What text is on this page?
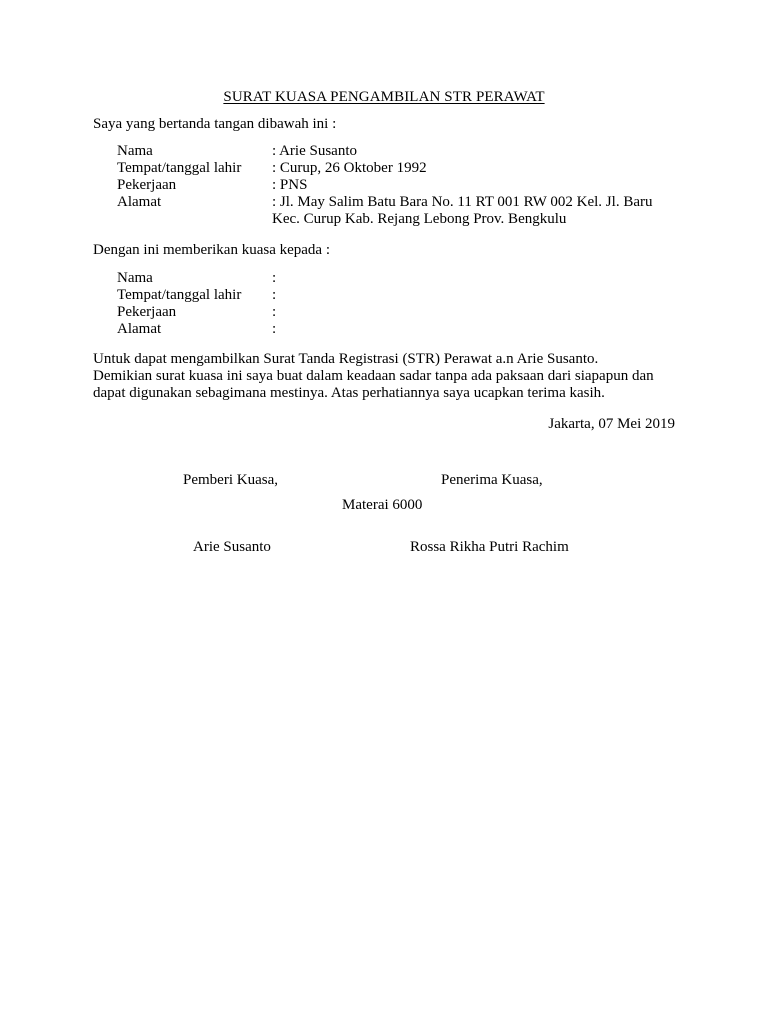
SURAT KUASA PENGAMBILAN STR PERAWAT

Saya yang bertanda tangan dibawah ini :

Nama	: Arie Susanto
Tempat/tanggal lahir	: Curup, 26 Oktober 1992
Pekerjaan	: PNS
Alamat	: Jl. May Salim Batu Bara No. 11 RT 001 RW 002 Kel. Jl. Baru
Kec. Curup Kab. Rejang Lebong Prov. Bengkulu

Dengan ini memberikan kuasa kepada :

Nama	:
Tempat/tanggal lahir	:
Pekerjaan	:
Alamat	:
Untuk dapat mengambilkan Surat Tanda Registrasi (STR) Perawat a.n Arie Susanto.
Demikian surat kuasa ini saya buat dalam keadaan sadar tanpa ada paksaan dari siapapun dan
dapat digunakan sebagimana mestinya. Atas perhatiannya saya ucapkan terima kasih.

Jakarta, 07 Mei 2019

Pemberi Kuasa,	Penerima Kuasa,

Materai 6000

Arie Susanto	Rossa Rikha Putri Rachim
